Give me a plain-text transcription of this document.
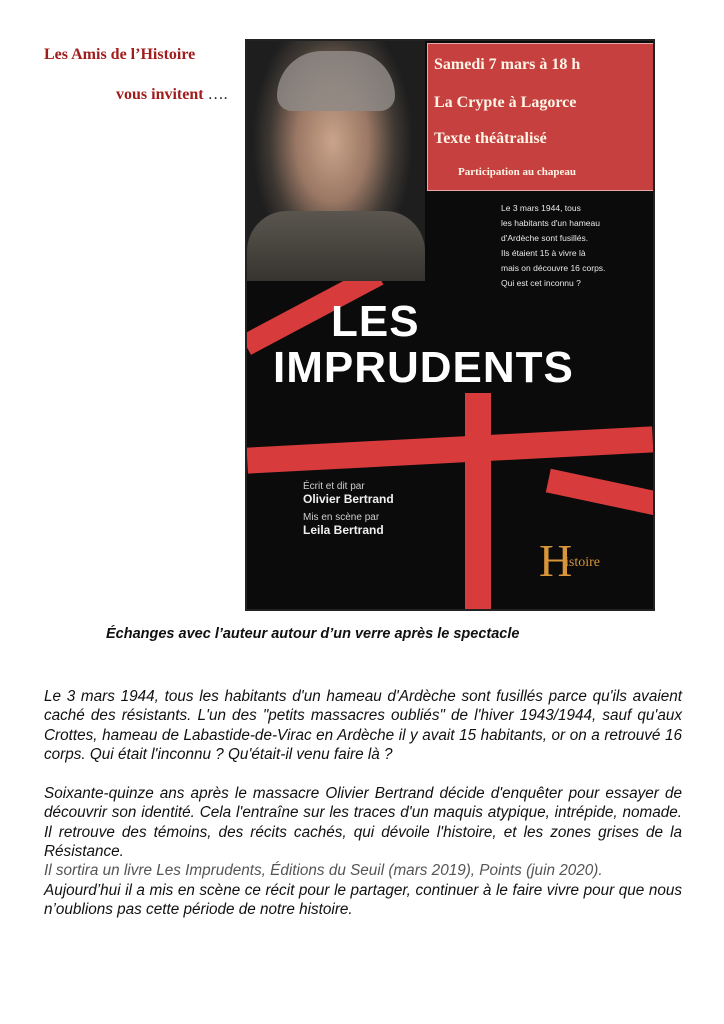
Les Amis de l’Histoire
vous invitent ….
Samedi 7 mars à 18 h
La Crypte à Lagorce
Texte théâtralisé
Participation au chapeau
Le 3 mars 1944, tous
les habitants d'un hameau
d'Ardèche sont fusillés.
Ils étaient 15 à vivre là
mais on découvre 16 corps.
Qui est cet inconnu ?
LES
IMPRUDENTS
Écrit et dit par
Olivier Bertrand
Mis en scène par
Leila Bertrand
H
istoire
Échanges avec l’auteur autour d’un verre après le spectacle

Le 3 mars 1944, tous les habitants d'un hameau d'Ardèche sont fusillés parce qu'ils avaient caché des résistants. L'un des "petits massacres oubliés" de l'hiver 1943/1944, sauf qu'aux Crottes, hameau de Labastide-de-Virac en Ardèche il y avait 15 habitants, or on a retrouvé 16 corps. Qui était l'inconnu ? Qu'était-il venu faire là ?

Soixante-quinze ans après le massacre Olivier Bertrand décide d'enquêter pour essayer de découvrir son identité. Cela l'entraîne sur les traces d'un maquis atypique, intrépide, nomade. Il retrouve des témoins, des récits cachés, qui dévoile l'histoire, et les zones grises de la Résistance.
Il sortira un livre Les Imprudents, Éditions du Seuil (mars 2019), Points (juin 2020).
Aujourd’hui il a mis en scène ce récit pour le partager, continuer à le faire vivre pour que nous n’oublions pas cette période de notre histoire.
